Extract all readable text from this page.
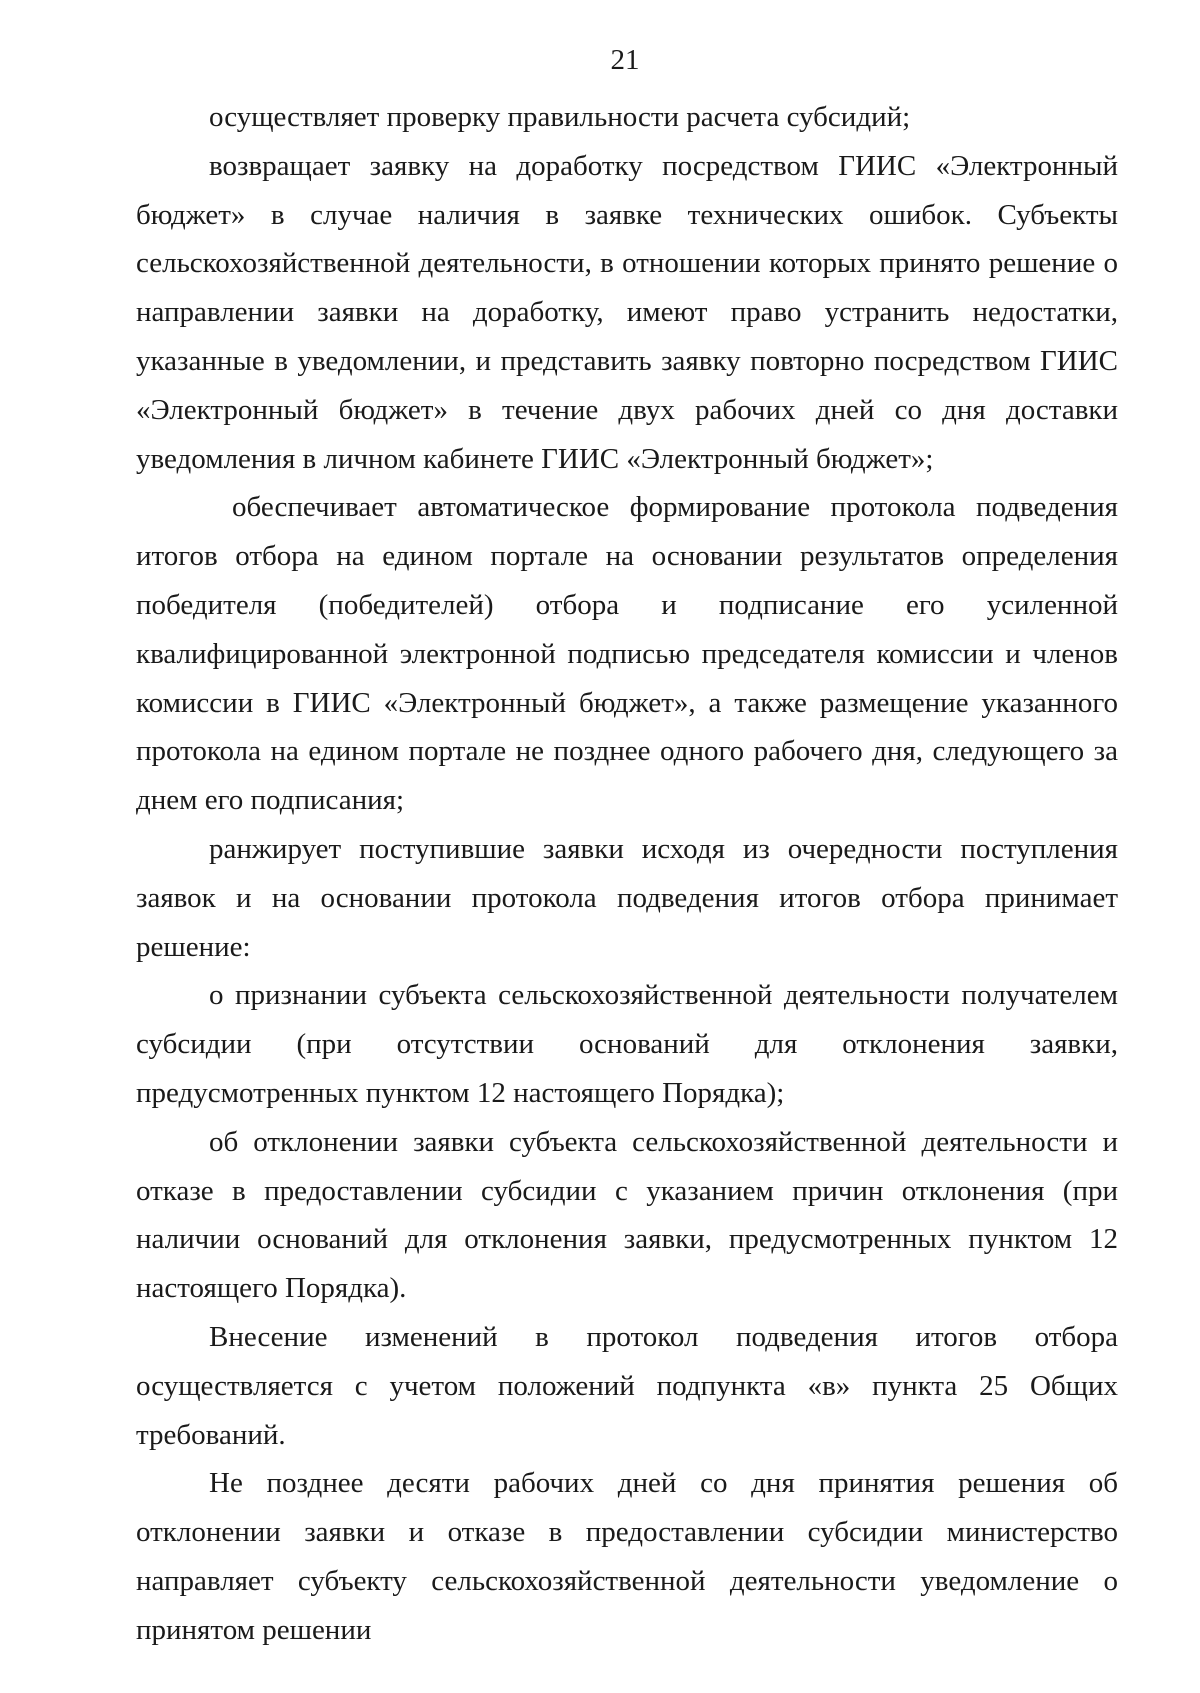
21

осуществляет проверку правильности расчета субсидий;

возвращает заявку на доработку посредством ГИИС «Электронный бюджет» в случае наличия в заявке технических ошибок. Субъекты сельскохозяйственной деятельности, в отношении которых принято решение о направлении заявки на доработку, имеют право устранить недостатки, указанные в уведомлении, и представить заявку повторно посредством ГИИС «Электронный бюджет» в течение двух рабочих дней со дня доставки уведомления в личном кабинете ГИИС «Электронный бюджет»;

обеспечивает автоматическое формирование протокола подведения итогов отбора на едином портале на основании результатов определения победителя (победителей) отбора и подписание его усиленной квалифицированной электронной подписью председателя комиссии и членов комиссии в ГИИС «Электронный бюджет», а также размещение указанного протокола на едином портале не позднее одного рабочего дня, следующего за днем его подписания;

ранжирует поступившие заявки исходя из очередности поступления заявок и на основании протокола подведения итогов отбора принимает решение:

о признании субъекта сельскохозяйственной деятельности получателем субсидии (при отсутствии оснований для отклонения заявки, предусмотренных пунктом 12 настоящего Порядка);

об отклонении заявки субъекта сельскохозяйственной деятельности и отказе в предоставлении субсидии с указанием причин отклонения (при наличии оснований для отклонения заявки, предусмотренных пунктом 12 настоящего Порядка).

Внесение изменений в протокол подведения итогов отбора осуществляется с учетом положений подпункта «в» пункта 25 Общих требований.

Не позднее десяти рабочих дней со дня принятия решения об отклонении заявки и отказе в предоставлении субсидии министерство направляет субъекту сельскохозяйственной деятельности уведомление о принятом решении
